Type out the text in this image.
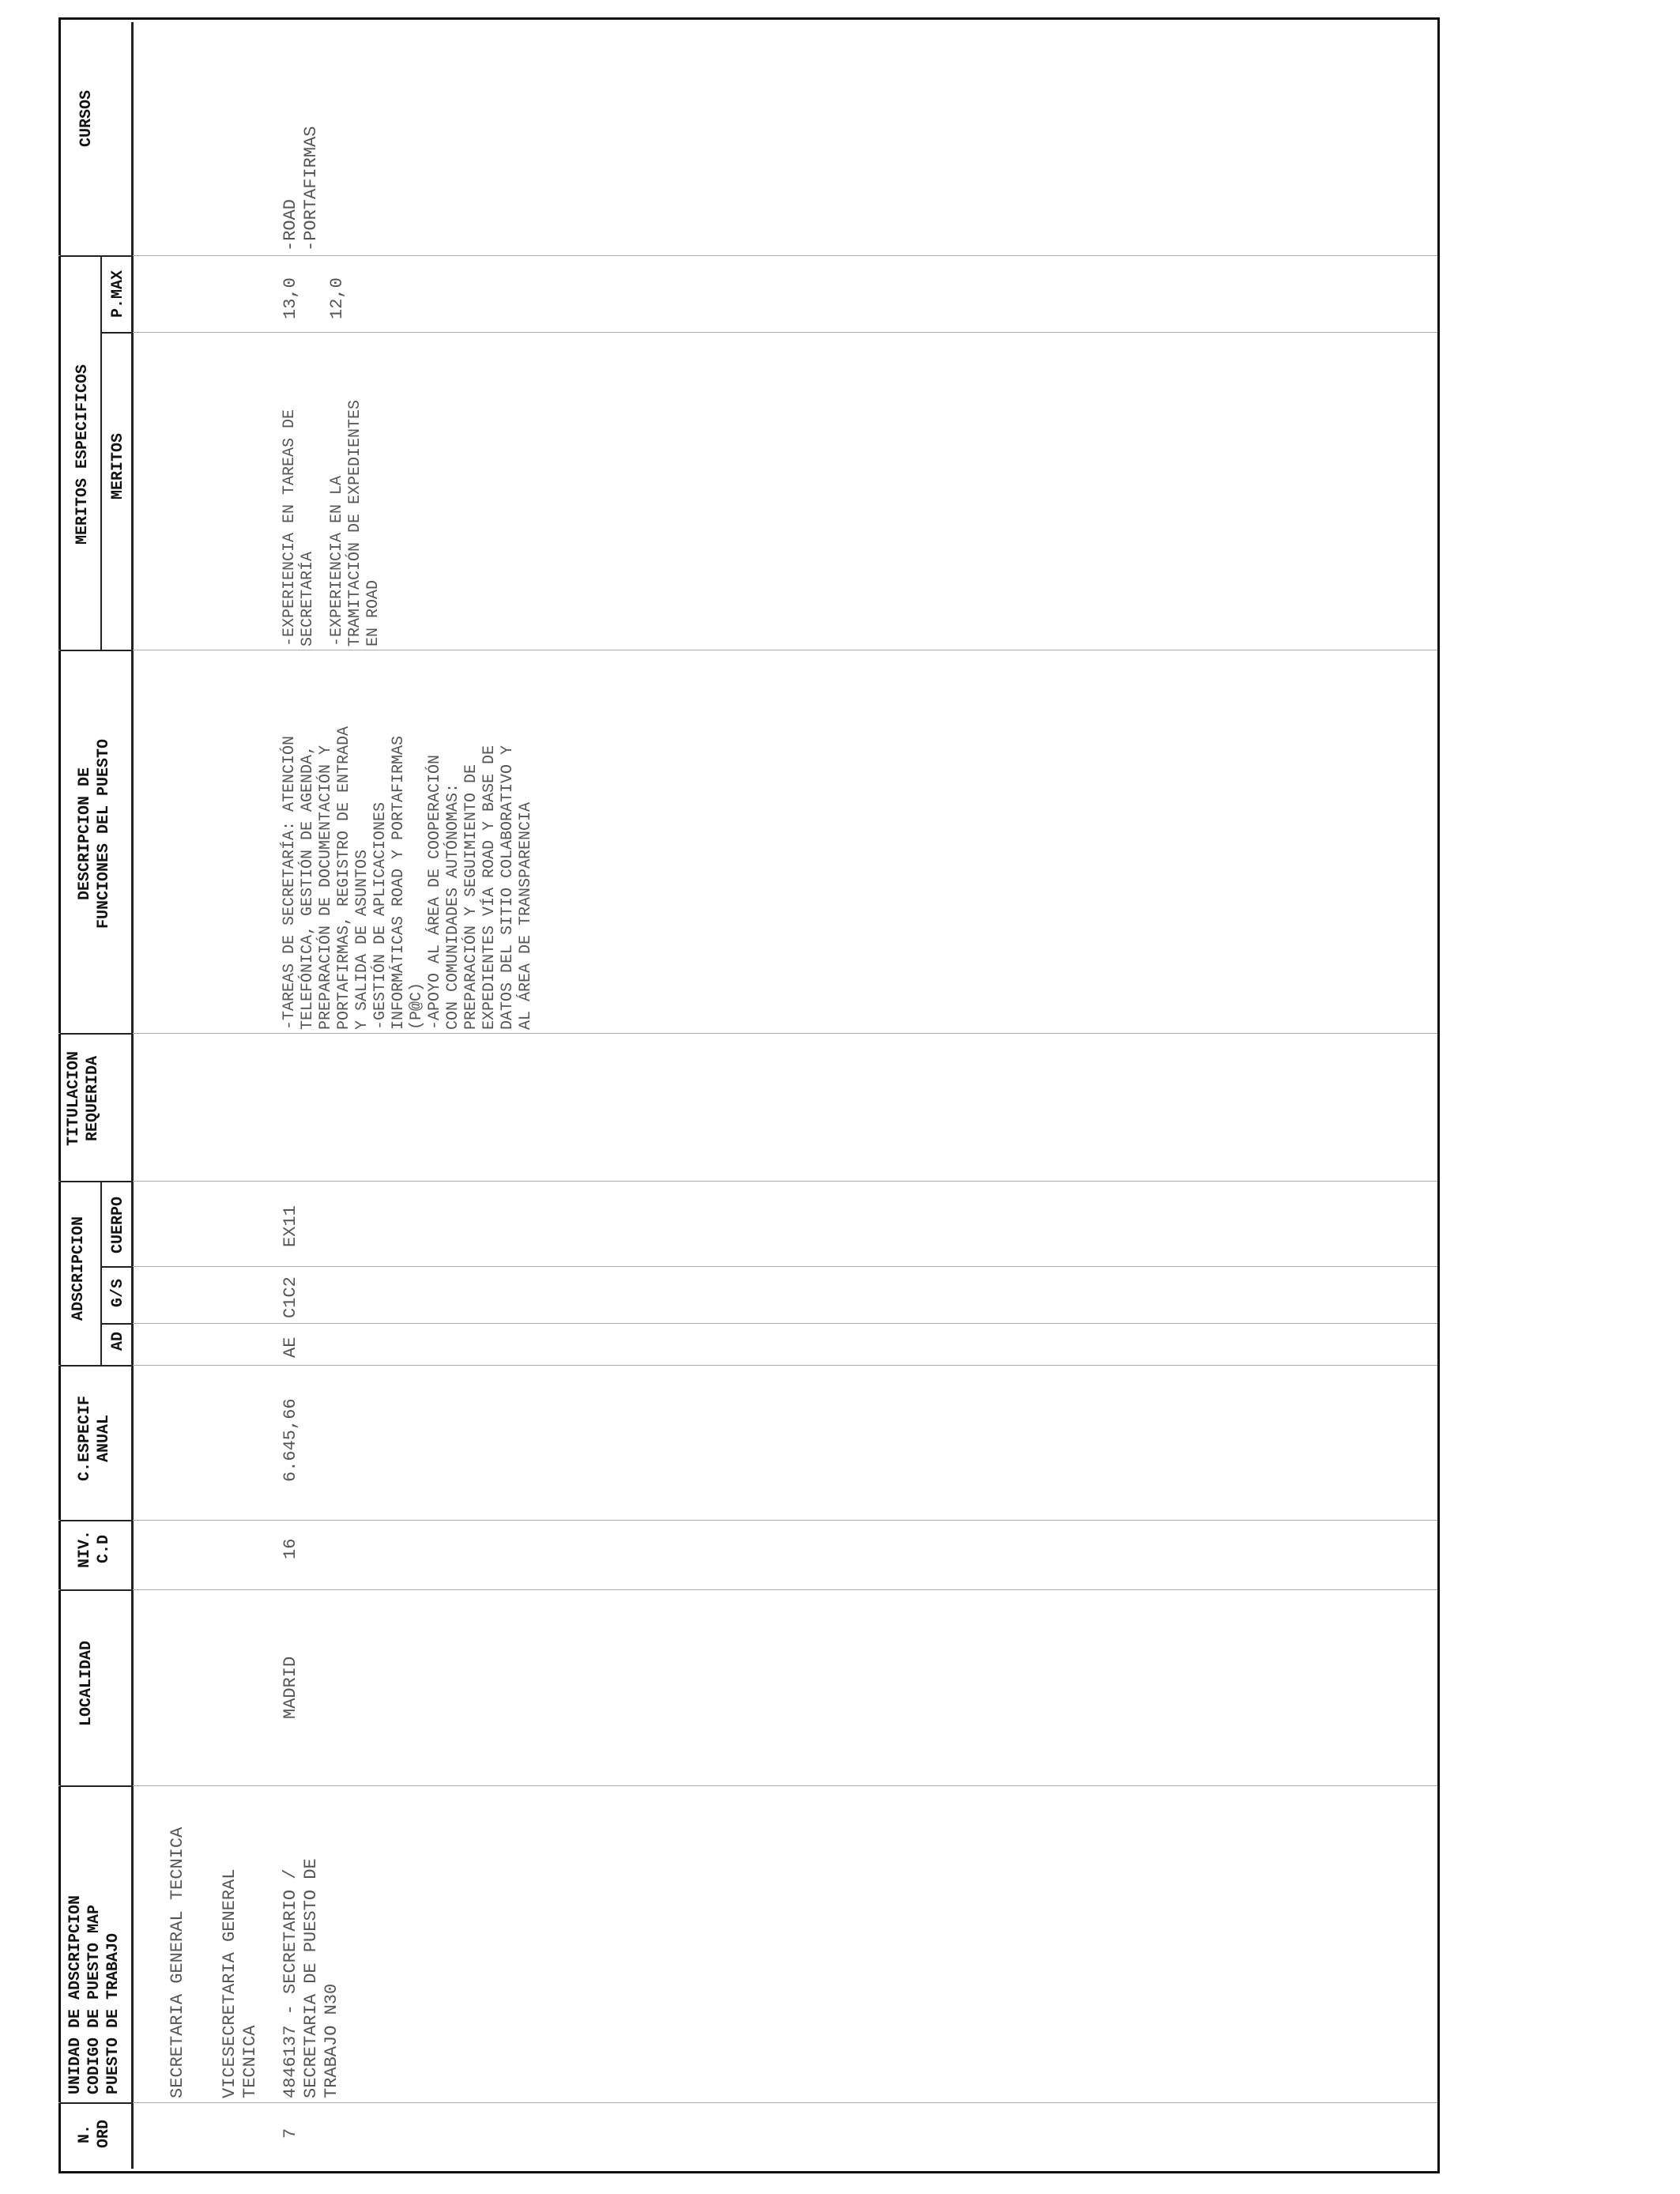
CURSOS
MERITOS ESPECIFICOS MERITOS
P.MAX
DESCRIPCION DE
FUNCIONES DEL PUESTO
TITULACION
REQUERIDA
ADSCRIPCION
AD
G/S
CUERPO
C.ESPECIF
ANUAL
NIV.
C.D
LOCALIDAD
UNIDAD DE ADSCRIPCION
CODIGO DE PUESTO MAP
PUESTO DE TRABAJO
N.
ORD
SECRETARIA GENERAL TECNICA VICESECRETARIA GENERAL
TECNICA
7
4846137 - SECRETARIO /
SECRETARIA DE PUESTO DE
TRABAJO N30
MADRID
16
6.645,66
AE
C1C2
EX11
-TAREAS DE SECRETARÍA: ATENCIÓN
TELEFÓNICA, GESTIÓN DE AGENDA,
PREPARACIÓN DE DOCUMENTACIÓN Y
PORTAFIRMAS, REGISTRO DE ENTRADA
Y SALIDA DE ASUNTOS
-GESTIÓN DE APLICACIONES
INFORMÁTICAS ROAD Y PORTAFIRMAS
(P@C)
-APOYO AL ÁREA DE COOPERACIÓN
CON COMUNIDADES AUTÓNOMAS:
PREPARACIÓN Y SEGUIMIENTO DE
EXPEDIENTES VÍA ROAD Y BASE DE
DATOS DEL SITIO COLABORATIVO Y
AL ÁREA DE TRANSPARENCIA
-EXPERIENCIA EN TAREAS DE
SECRETARÍA -EXPERIENCIA EN LA
TRAMITACIÓN DE EXPEDIENTES
EN ROAD
13,0 12,0
-ROAD
-PORTAFIRMAS
